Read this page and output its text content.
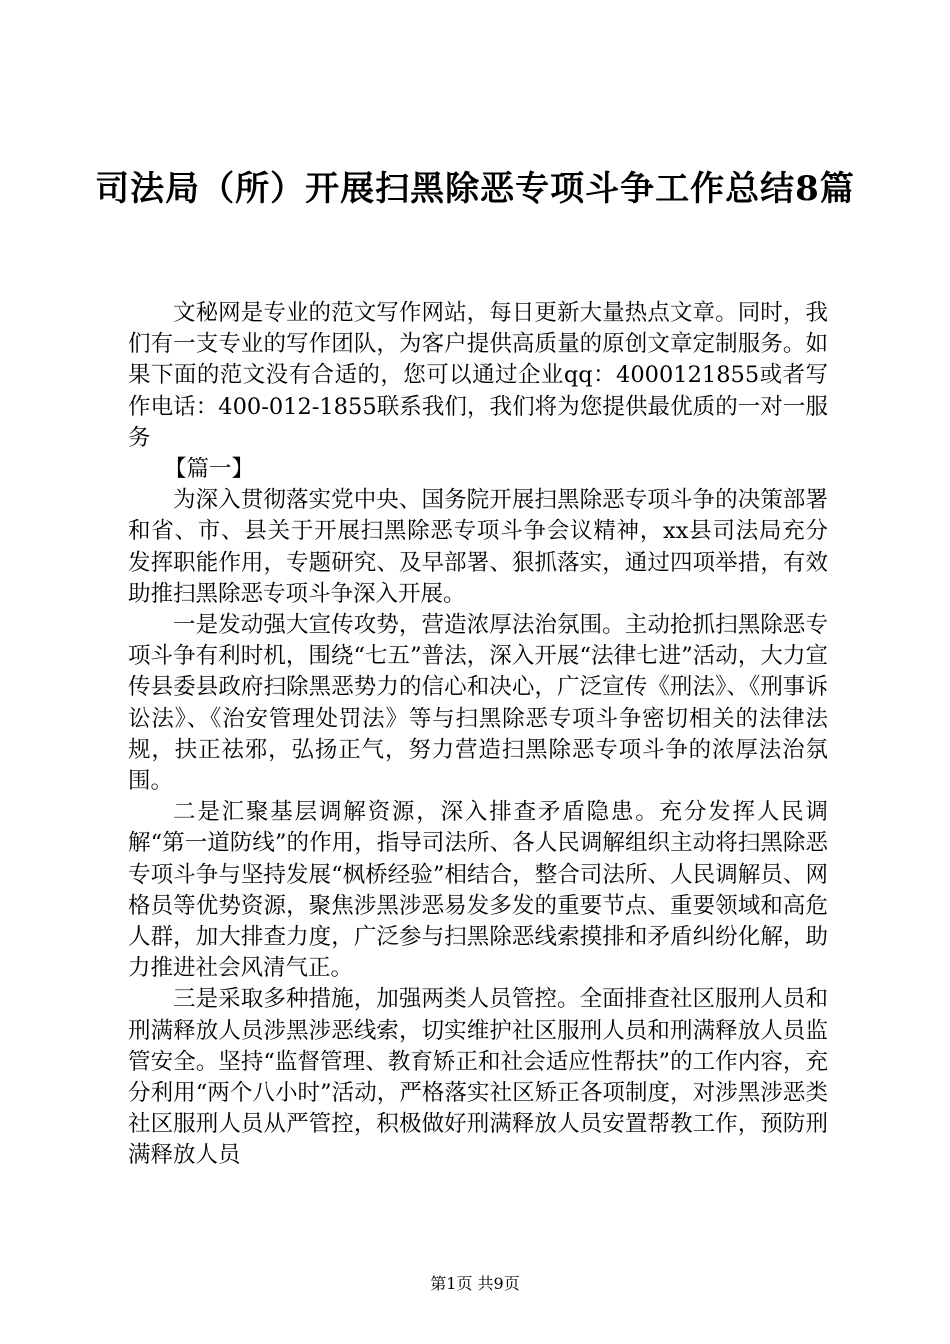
司法局（所）开展扫黑除恶专项斗争工作总结8篇

文秘网是专业的范文写作网站，每日更新大量热点文章。同时，我们有一支专业的写作团队，为客户提供高质量的原创文章定制服务。如果下面的范文没有合适的，您可以通过企业qq：4000121855或者写作电话：400-012-1855联系我们，我们将为您提供最优质的一对一服务

【篇一】

为深入贯彻落实党中央、国务院开展扫黑除恶专项斗争的决策部署和省、市、县关于开展扫黑除恶专项斗争会议精神，xx县司法局充分发挥职能作用，专题研究、及早部署、狠抓落实，通过四项举措，有效助推扫黑除恶专项斗争深入开展。

一是发动强大宣传攻势，营造浓厚法治氛围。主动抢抓扫黑除恶专项斗争有利时机，围绕“七五”普法，深入开展“法律七进”活动，大力宣传县委县政府扫除黑恶势力的信心和决心，广泛宣传《刑法》、《刑事诉讼法》、《治安管理处罚法》等与扫黑除恶专项斗争密切相关的法律法规，扶正祛邪，弘扬正气，努力营造扫黑除恶专项斗争的浓厚法治氛围。

二是汇聚基层调解资源，深入排查矛盾隐患。充分发挥人民调解“第一道防线”的作用，指导司法所、各人民调解组织主动将扫黑除恶专项斗争与坚持发展“枫桥经验”相结合，整合司法所、人民调解员、网格员等优势资源，聚焦涉黑涉恶易发多发的重要节点、重要领域和高危人群，加大排查力度，广泛参与扫黑除恶线索摸排和矛盾纠纷化解，助力推进社会风清气正。

三是采取多种措施，加强两类人员管控。全面排查社区服刑人员和刑满释放人员涉黑涉恶线索，切实维护社区服刑人员和刑满释放人员监管安全。坚持“监督管理、教育矫正和社会适应性帮扶”的工作内容，充分利用“两个八小时”活动，严格落实社区矫正各项制度，对涉黑涉恶类社区服刑人员从严管控，积极做好刑满释放人员安置帮教工作，预防刑满释放人员

第1页 共9页
